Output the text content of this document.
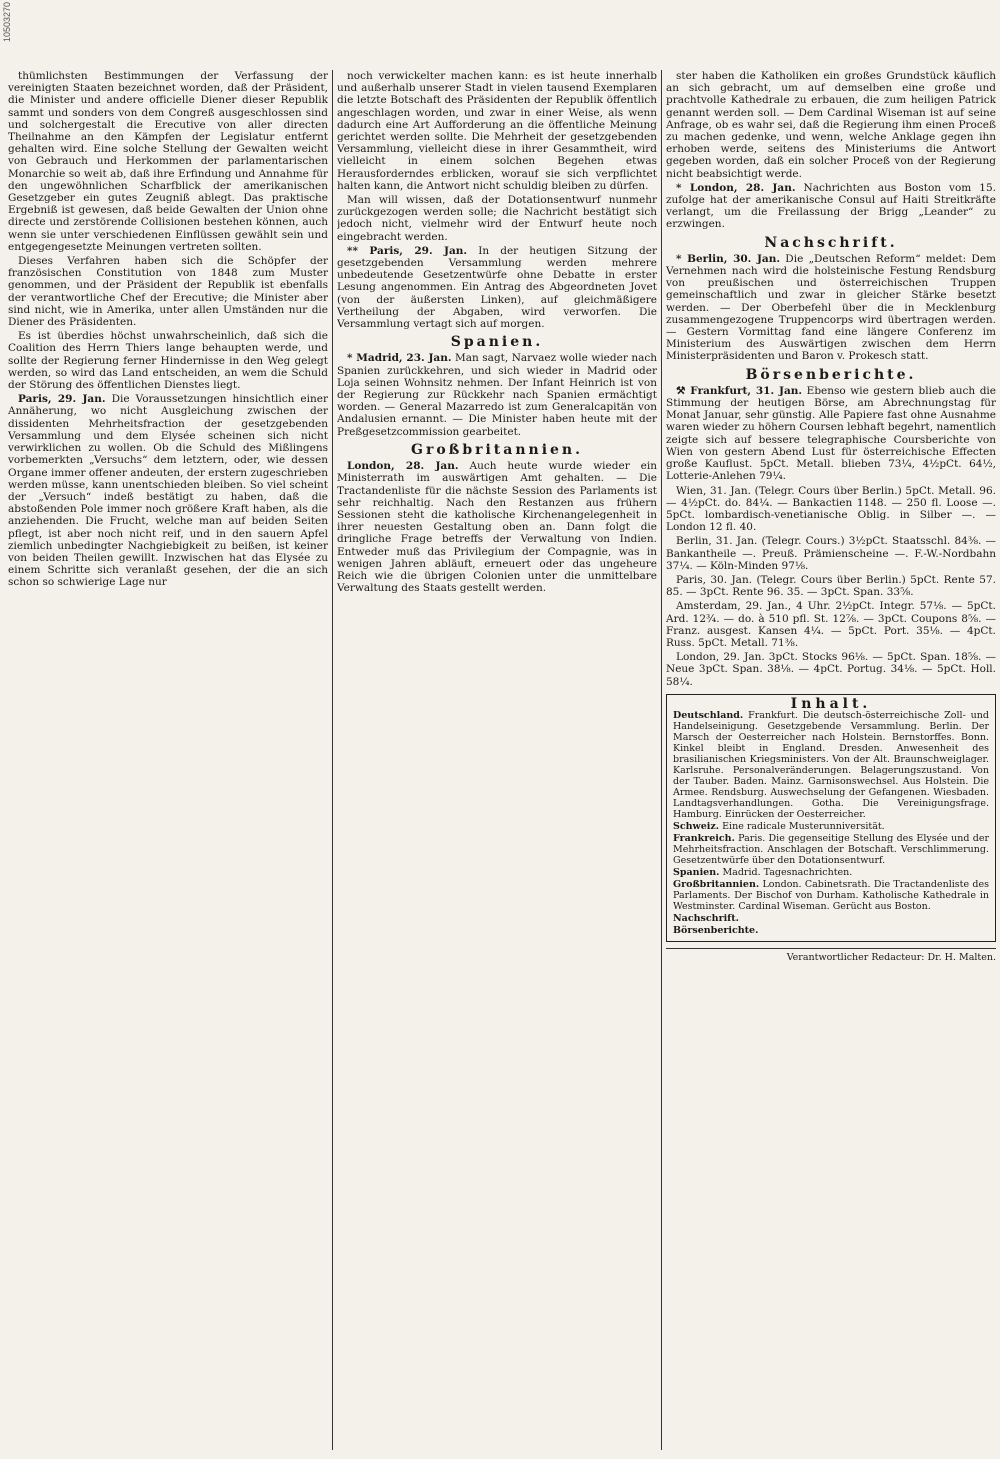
10503270

thümlichsten Bestimmungen der Verfassung der vereinigten Staaten bezeichnet worden, daß der Präsident, die Minister und andere officielle Diener dieser Republik sammt und sonders von dem Congreß ausgeschlossen sind und solchergestalt die Erecutive von aller directen Theilnahme an den Kämpfen der Legislatur entfernt gehalten wird. Eine solche Stellung der Gewalten weicht von Gebrauch und Herkommen der parlamentarischen Monarchie so weit ab, daß ihre Erfindung und Annahme für den ungewöhnlichen Scharfblick der amerikanischen Gesetzgeber ein gutes Zeugniß ablegt. Das praktische Ergebniß ist gewesen, daß beide Gewalten der Union ohne directe und zerstörende Collisionen bestehen können, auch wenn sie unter verschiedenen Einflüssen gewählt sein und entgegengesetzte Meinungen vertreten sollten.

Dieses Verfahren haben sich die Schöpfer der französischen Constitution von 1848 zum Muster genommen, und der Präsident der Republik ist ebenfalls der verantwortliche Chef der Erecutive; die Minister aber sind nicht, wie in Amerika, unter allen Umständen nur die Diener des Präsidenten.

Es ist überdies höchst unwahrscheinlich, daß sich die Coalition des Herrn Thiers lange behaupten werde, und sollte der Regierung ferner Hindernisse in den Weg gelegt werden, so wird das Land entscheiden, an wem die Schuld der Störung des öffentlichen Dienstes liegt.

Paris, 29. Jan. Die Voraussetzungen hinsichtlich einer Annäherung, wo nicht Ausgleichung zwischen der dissidenten Mehrheitsfraction der gesetzgebenden Versammlung und dem Elysée scheinen sich nicht verwirklichen zu wollen. Ob die Schuld des Mißlingens vorbemerkten „Versuchs“ dem letztern, oder, wie dessen Organe immer offener andeuten, der erstern zugeschrieben werden müsse, kann unentschieden bleiben. So viel scheint der „Versuch“ indeß bestätigt zu haben, daß die abstoßenden Pole immer noch größere Kraft haben, als die anziehenden. Die Frucht, welche man auf beiden Seiten pflegt, ist aber noch nicht reif, und in den sauern Apfel ziemlich unbedingter Nachgiebigkeit zu beißen, ist keiner von beiden Theilen gewillt. Inzwischen hat das Elysée zu einem Schritte sich veranlaßt gesehen, der die an sich schon so schwierige Lage nur

noch verwickelter machen kann: es ist heute innerhalb und außerhalb unserer Stadt in vielen tausend Exemplaren die letzte Botschaft des Präsidenten der Republik öffentlich angeschlagen worden, und zwar in einer Weise, als wenn dadurch eine Art Aufforderung an die öffentliche Meinung gerichtet werden sollte. Die Mehrheit der gesetzgebenden Versammlung, vielleicht diese in ihrer Gesammtheit, wird vielleicht in einem solchen Begehen etwas Herausforderndes erblicken, worauf sie sich verpflichtet halten kann, die Antwort nicht schuldig bleiben zu dürfen.

Man will wissen, daß der Dotationsentwurf nunmehr zurückgezogen werden solle; die Nachricht bestätigt sich jedoch nicht, vielmehr wird der Entwurf heute noch eingebracht werden.

** Paris, 29. Jan. In der heutigen Sitzung der gesetzgebenden Versammlung werden mehrere unbedeutende Gesetzentwürfe ohne Debatte in erster Lesung angenommen. Ein Antrag des Abgeordneten Jovet (von der äußersten Linken), auf gleichmäßigere Vertheilung der Abgaben, wird verworfen. Die Versammlung vertagt sich auf morgen.

Spanien.

* Madrid, 23. Jan. Man sagt, Narvaez wolle wieder nach Spanien zurückkehren, und sich wieder in Madrid oder Loja seinen Wohnsitz nehmen. Der Infant Heinrich ist von der Regierung zur Rückkehr nach Spanien ermächtigt worden. — General Mazarredo ist zum Generalcapitän von Andalusien ernannt. — Die Minister haben heute mit der Preßgesetzcommission gearbeitet.

Großbritannien.

London, 28. Jan. Auch heute wurde wieder ein Ministerrath im auswärtigen Amt gehalten. — Die Tractandenliste für die nächste Session des Parlaments ist sehr reichhaltig. Nach den Restanzen aus frühern Sessionen steht die katholische Kirchenangelegenheit in ihrer neuesten Gestaltung oben an. Dann folgt die dringliche Frage betreffs der Verwaltung von Indien. Entweder muß das Privilegium der Compagnie, was in wenigen Jahren abläuft, erneuert oder das ungeheure Reich wie die übrigen Colonien unter die unmittelbare Verwaltung des Staats gestellt werden.

ster haben die Katholiken ein großes Grundstück käuflich an sich gebracht, um auf demselben eine große und prachtvolle Kathedrale zu erbauen, die zum heiligen Patrick genannt werden soll. — Dem Cardinal Wiseman ist auf seine Anfrage, ob es wahr sei, daß die Regierung ihm einen Proceß zu machen gedenke, und wenn, welche Anklage gegen ihn erhoben werde, seitens des Ministeriums die Antwort gegeben worden, daß ein solcher Proceß von der Regierung nicht beabsichtigt werde.

* London, 28. Jan. Nachrichten aus Boston vom 15. zufolge hat der amerikanische Consul auf Haiti Streitkräfte verlangt, um die Freilassung der Brigg „Leander“ zu erzwingen.

Nachschrift.

* Berlin, 30. Jan. Die „Deutschen Reform“ meldet: Dem Vernehmen nach wird die holsteinische Festung Rendsburg von preußischen und österreichischen Truppen gemeinschaftlich und zwar in gleicher Stärke besetzt werden. — Der Oberbefehl über die in Mecklenburg zusammengezogene Truppencorps wird übertragen werden. — Gestern Vormittag fand eine längere Conferenz im Ministerium des Auswärtigen zwischen dem Herrn Ministerpräsidenten und Baron v. Prokesch statt.

Börsenberichte.

⚒ Frankfurt, 31. Jan. Ebenso wie gestern blieb auch die Stimmung der heutigen Börse, am Abrechnungstag für Monat Januar, sehr günstig. Alle Papiere fast ohne Ausnahme waren wieder zu höhern Coursen lebhaft begehrt, namentlich zeigte sich auf bessere telegraphische Coursberichte von Wien von gestern Abend Lust für österreichische Effecten große Kauflust. 5pCt. Metall. blieben 73¼, 4½pCt. 64½, Lotterie-Anlehen 79¼.

Wien, 31. Jan. (Telegr. Cours über Berlin.) 5pCt. Metall. 96. — 4½pCt. do. 84¼. — Bankactien 1148. — 250 fl. Loose —. 5pCt. lombardisch-venetianische Oblig. in Silber —. — London 12 fl. 40.

Berlin, 31. Jan. (Telegr. Cours.) 3½pCt. Staatsschl. 84⅜. — Bankantheile —. Preuß. Prämienscheine —. F.-W.-Nordbahn 37¼. — Köln-Minden 97⅛.

Paris, 30. Jan. (Telegr. Cours über Berlin.) 5pCt. Rente 57. 85. — 3pCt. Rente 96. 35. — 3pCt. Span. 33⅝.

Amsterdam, 29. Jan., 4 Uhr. 2½pCt. Integr. 57⅛. — 5pCt. Ard. 12¾. — do. à 510 pfl. St. 12⅞. — 3pCt. Coupons 8⅝. — Franz. ausgest. Kansen 4¼. — 5pCt. Port. 35⅛. — 4pCt. Russ. 5pCt. Metall. 71⅜.

London, 29. Jan. 3pCt. Stocks 96⅛. — 5pCt. Span. 18⅝. — Neue 3pCt. Span. 38⅛. — 4pCt. Portug. 34⅛. — 5pCt. Holl. 58¼.

Inhalt.
Deutschland. Frankfurt. Die deutsch-österreichische Zoll- und Handelseinigung. Gesetzgebende Versammlung. Berlin. Der Marsch der Oesterreicher nach Holstein. Bernstorffes. Bonn. Kinkel bleibt in England. Dresden. Anwesenheit des brasilianischen Kriegsministers. Von der Alt. Braunschweiglager. Karlsruhe. Personalveränderungen. Belagerungszustand. Von der Tauber. Baden. Mainz. Garnisonswechsel. Aus Holstein. Die Armee. Rendsburg. Auswechselung der Gefangenen. Wiesbaden. Landtagsverhandlungen. Gotha. Die Vereinigungsfrage. Hamburg. Einrücken der Oesterreicher.
Schweiz. Eine radicale Musterunniversität.
Frankreich. Paris. Die gegenseitige Stellung des Elysée und der Mehrheitsfraction. Anschlagen der Botschaft. Verschlimmerung. Gesetzentwürfe über den Dotationsentwurf.
Spanien. Madrid. Tagesnachrichten.
Großbritannien. London. Cabinetsrath. Die Tractandenliste des Parlaments. Der Bischof von Durham. Katholische Kathedrale in Westminster. Cardinal Wiseman. Gerücht aus Boston.
Nachschrift.
Börsenberichte.
Verantwortlicher Redacteur: Dr. H. Malten.
